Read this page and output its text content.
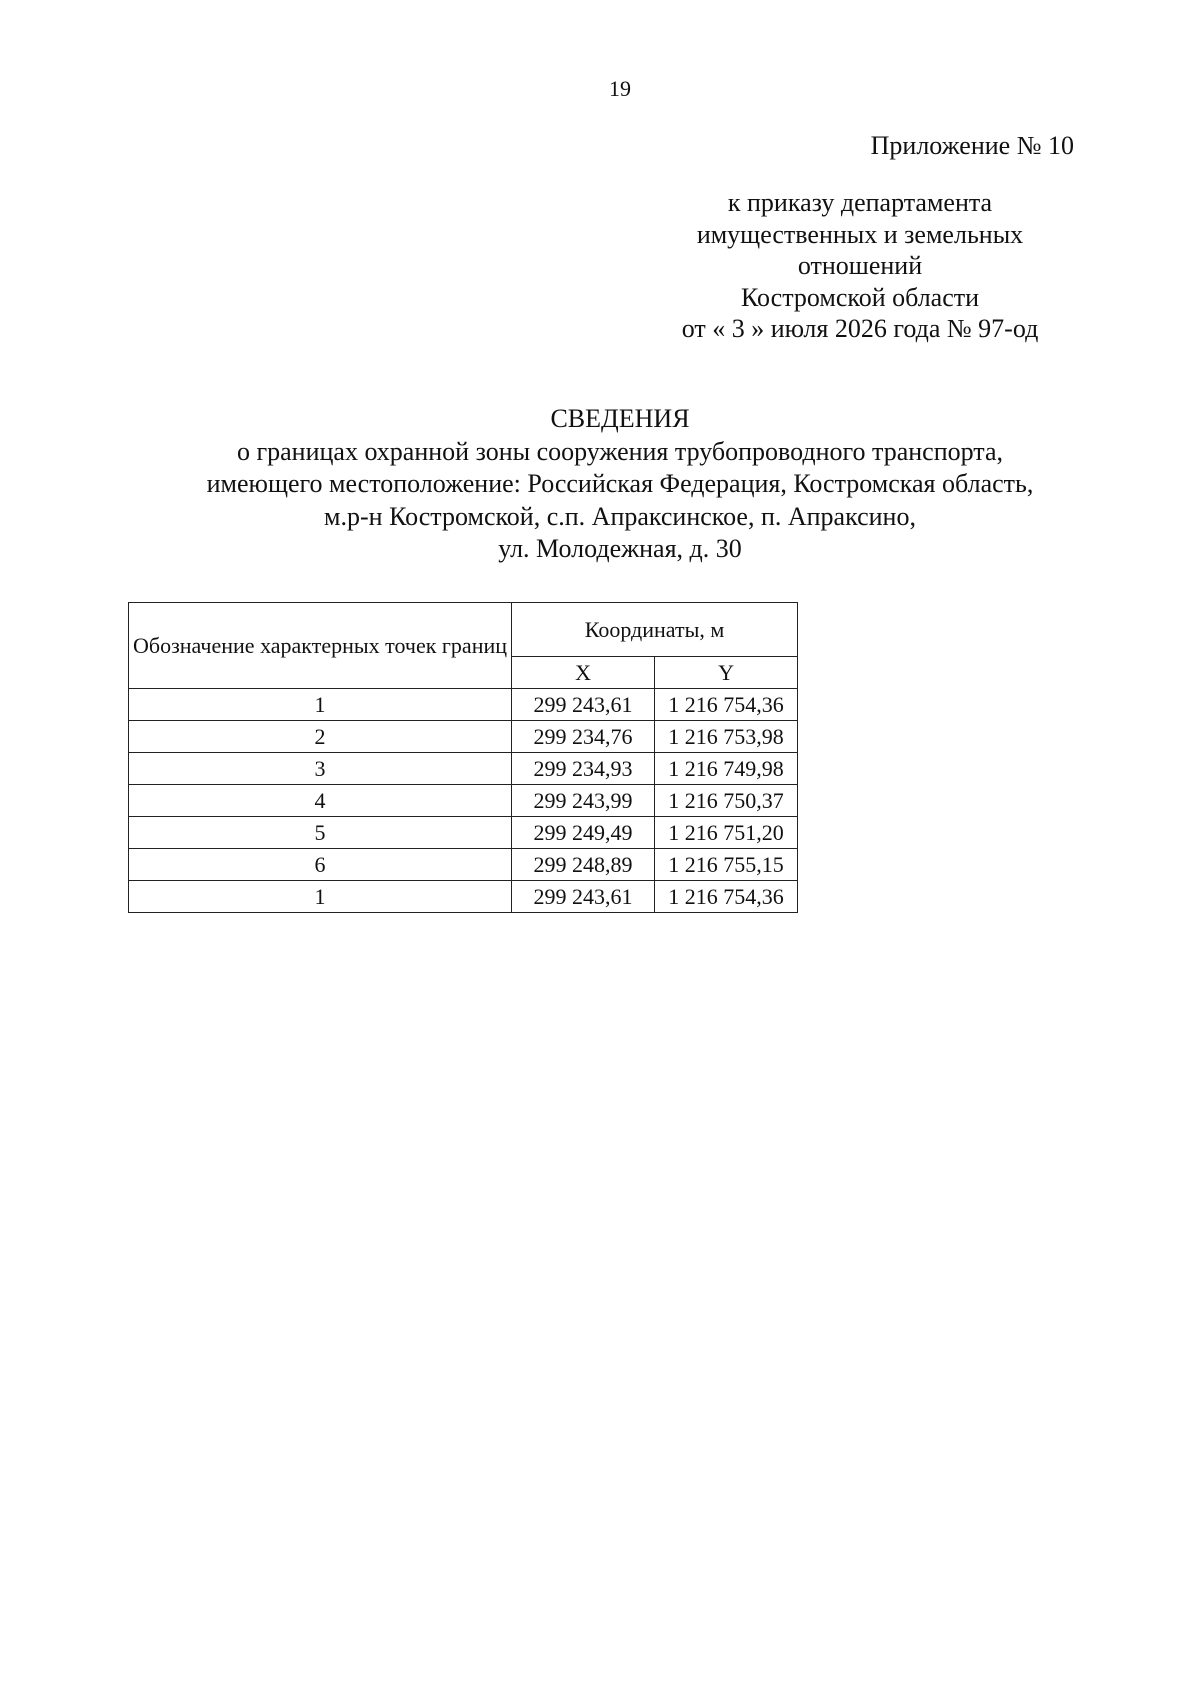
19
Приложение № 10
к приказу департамента
имущественных и земельных
отношений
Костромской области
от « 3 » июля 2026 года № 97-од
СВЕДЕНИЯ
о границах охранной зоны сооружения трубопроводного транспорта,
имеющего местоположение: Российская Федерация, Костромская область,
м.р-н Костромской, с.п. Апраксинское, п. Апраксино,
ул. Молодежная, д. 30
Обозначение характерных точек границ	Координаты, м	
	X	Y
1	299 243,61	1 216 754,36
2	299 234,76	1 216 753,98
3	299 234,93	1 216 749,98
4	299 243,99	1 216 750,37
5	299 249,49	1 216 751,20
6	299 248,89	1 216 755,15
1	299 243,61	1 216 754,36
